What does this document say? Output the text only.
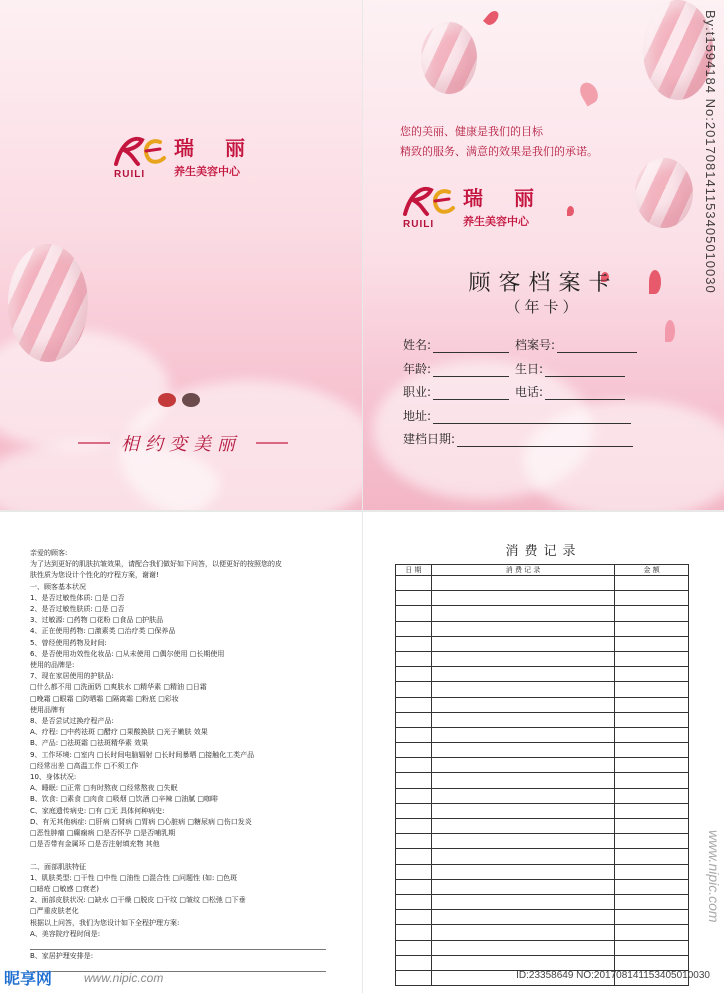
RUILI
瑞 丽
养生美容中心
相约变美丽
By:t1594184 No:20170814115340501003​0
您的美丽、健康是我们的目标
精致的服务、满意的效果是我们的承诺。
RUILI
瑞 丽
养生美容中心
顾客档案卡
（年卡）
姓名:	档案号:
年龄:	生日:
职业:	电话:
地址:
建档日期:
亲爱的顾客:
为了达到更好的肌肤抗皱效果，请配合我们做好如下问答，以便更好的按照您的皮
肤性质为您设计个性化的疗程方案，谢谢!
一、顾客基本状况
1、是否过敏性体质: □是 □否
2、是否过敏性肤质: □是 □否
3、过敏源: □药物 □花粉 □食品 □护肤品
4、正在使用药物: □激素类 □治疗类 □保养品
5、曾经使用药物及时间:
6、是否使用功效性化妆品: □从未使用 □偶尔使用 □长期使用
使用的品牌是:
7、现在家居使用的护肤品:
□什么都不用 □洗面奶 □爽肤水 □精华素 □精油 □日霜
□晚霜 □眼霜 □防晒霜 □隔离霜 □粉底 □彩妆
使用品牌有
8、是否尝试过换疗程产品:
A、疗程: □中药祛斑 □醋疗 □果酸换肤 □光子嫩肤 效果
B、产品: □祛斑霜 □祛斑精华素 效果
9、工作环境: □室内 □长时间电脑辐射 □长时间暴晒 □接触化工类产品
□经常出差 □高温工作 □不须工作
10、身体状况:
A、睡眠: □正常 □有时熬夜 □经常熬夜 □失眠
B、饮食: □素食 □肉食 □吸烟 □饮酒 □辛辣 □油腻 □咖啡
C、家庭遗传病史: □有 □无 具体何种病史:
D、有无其他病症: □肝病 □肾病 □胃病 □心脏病 □糖尿病 □伤口发炎
□恶性肿瘤 □癫痫病 □是否怀孕 □是否哺乳期
□是否带有金属环 □是否注射填充物 其他
二、面部肌肤特征
1、肌肤类型: □干性 □中性 □油性 □混合性 □问题性 (如: □色斑
□暗疮 □敏感 □衰老)
2、面部皮肤状况: □缺水 □干燥 □脱皮 □干纹 □皱纹 □松弛 □下垂
□严重皮肤老化
根据以上问答，我们为您设计如下全程护理方案:
A、美容院疗程时间是:
B、家居护理安排是:
昵享网	www.nipic.com
消费记录
日 期	消 费 记 录	金 额

www.nipic.com
ID:23358649 NO:20170814115340501003​0
